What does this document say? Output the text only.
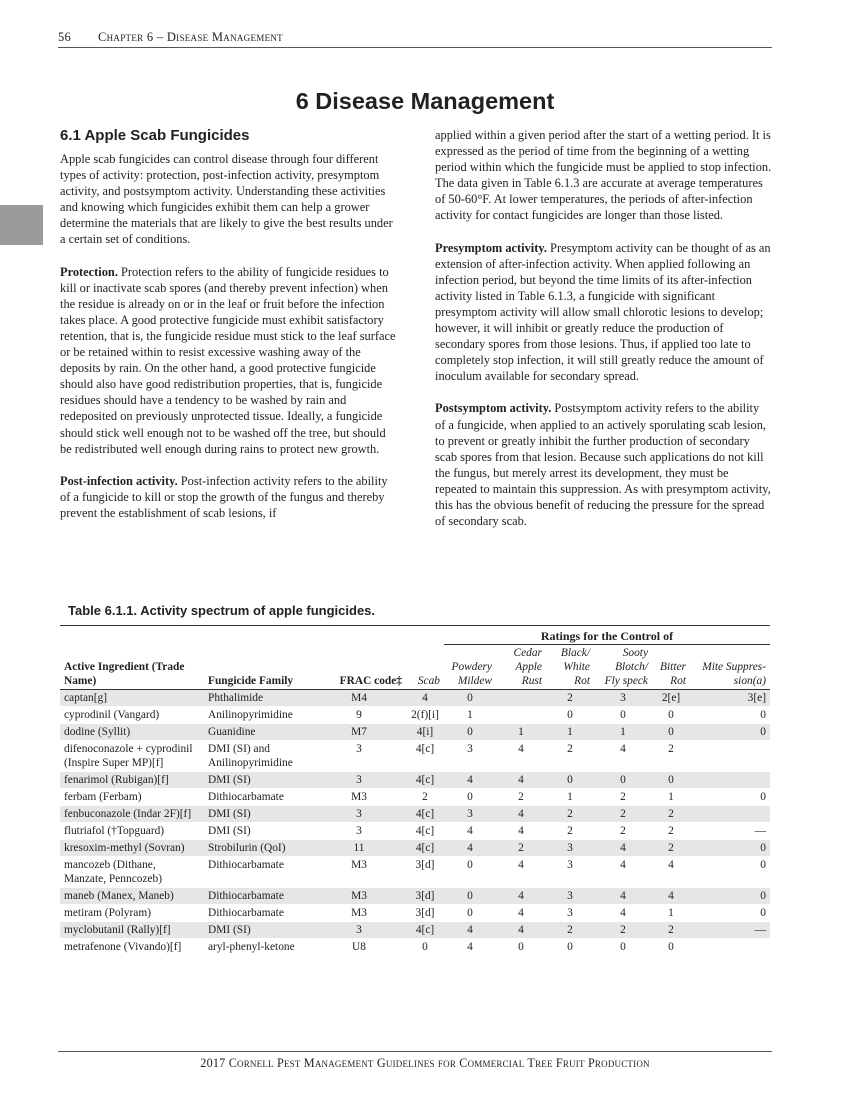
56 Chapter 6 – Disease Management
6 Disease Management
6.1 Apple Scab Fungicides

Apple scab fungicides can control disease through four different types of activity: protection, post-infection activity, presymptom activity, and postsymptom activity. Understanding these activities and knowing which fungicides exhibit them can help a grower determine the materials that are likely to give the best results under a certain set of conditions.

Protection. Protection refers to the ability of fungicide residues to kill or inactivate scab spores (and thereby prevent infection) when the residue is already on or in the leaf or fruit before the infection takes place. A good protective fungicide must exhibit satisfactory retention, that is, the fungicide residue must stick to the leaf surface or be retained within to resist excessive washing away of the deposits by rain. On the other hand, a good protective fungicide should also have good redistribution properties, that is, fungicide residues should have a tendency to be washed by rain and redeposited on previously unprotected tissue. Ideally, a fungicide should stick well enough not to be washed off the tree, but should be redistributed well enough during rains to protect new growth.

Post-infection activity. Post-infection activity refers to the ability of a fungicide to kill or stop the growth of the fungus and thereby prevent the establishment of scab lesions, if

applied within a given period after the start of a wetting period. It is expressed as the period of time from the beginning of a wetting period within which the fungicide must be applied to stop infection. The data given in Table 6.1.3 are accurate at average temperatures of 50-60°F. At lower temperatures, the periods of after-infection activity for contact fungicides are longer than those listed.

Presymptom activity. Presymptom activity can be thought of as an extension of after-infection activity. When applied following an infection period, but beyond the time limits of its after-infection activity listed in Table 6.1.3, a fungicide with significant presymptom activity will allow small chlorotic lesions to develop; however, it will inhibit or greatly reduce the production of secondary spores from those lesions. Thus, if applied too late to completely stop infection, it will still greatly reduce the amount of inoculum available for secondary spread.

Postsymptom activity. Postsymptom activity refers to the ability of a fungicide, when applied to an actively sporulating scab lesion, to prevent or greatly inhibit the further production of secondary scab spores from that lesion. Because such applications do not kill the fungus, but merely arrest its development, they must be repeated to maintain this suppression. As with presymptom activity, this has the obvious benefit of reducing the pressure for the spread of secondary scab.

Table 6.1.1. Activity spectrum of apple fungicides.
				Ratings for the Control of					
Active Ingredient (Trade Name)	Fungicide Family	FRAC code‡	Scab	Powdery Mildew	Cedar Apple Rust	Black/ White Rot	Sooty Blotch/ Fly speck	Bitter Rot	Mite Suppres-sion(a)
captan[g]	Phthalimide	M4	4	0		2	3	2[e]	3[e]
cyprodinil (Vangard)	Anilinopyrimidine	9	2(f)[i]	1		0	0	0	0
dodine (Syllit)	Guanidine	M7	4[i]	0	1	1	1	0	0
difenoconazole + cyprodinil (Inspire Super MP)[f]	DMI (SI) and Anilinopyrimidine	3	4[c]	3	4	2	4	2	
fenarimol (Rubigan)[f]	DMI (SI)	3	4[c]	4	4	0	0	0	
ferbam (Ferbam)	Dithiocarbamate	M3	2	0	2	1	2	1	0
fenbuconazole (Indar 2F)[f]	DMI (SI)	3	4[c]	3	4	2	2	2	
flutriafol (†Topguard)	DMI (SI)	3	4[c]	4	4	2	2	2	—
kresoxim-methyl (Sovran)	Strobilurin (QoI)	11	4[c]	4	2	3	4	2	0
mancozeb (Dithane, Manzate, Penncozeb)	Dithiocarbamate	M3	3[d]	0	4	3	4	4	0
maneb (Manex, Maneb)	Dithiocarbamate	M3	3[d]	0	4	3	4	4	0
metiram (Polyram)	Dithiocarbamate	M3	3[d]	0	4	3	4	1	0
myclobutanil (Rally)[f]	DMI (SI)	3	4[c]	4	4	2	2	2	—
metrafenone (Vivando)[f]	aryl-phenyl-ketone	U8	0	4	0	0	0	0	
2017 Cornell Pest Management Guidelines for Commercial Tree Fruit Production
